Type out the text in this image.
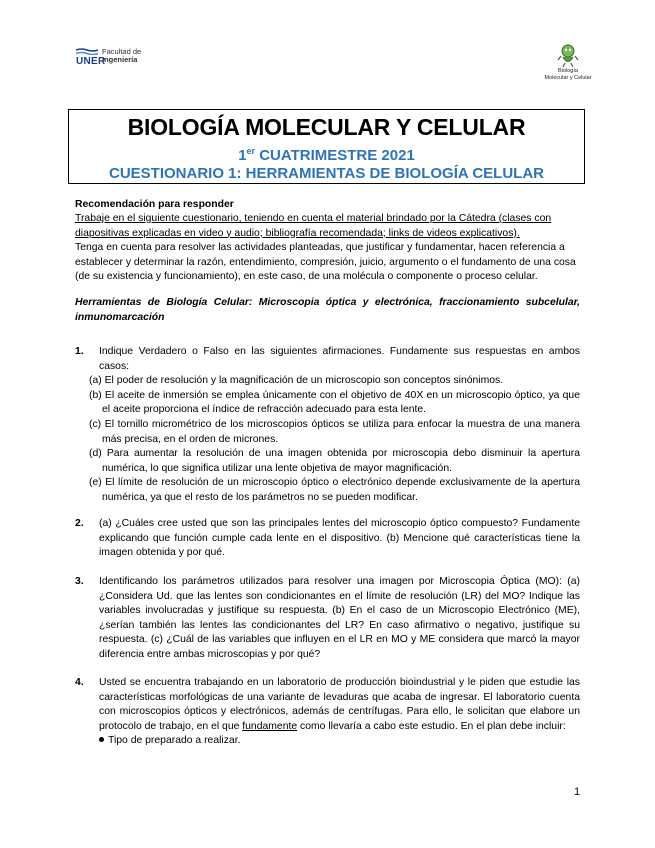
UNER
Facultad de
Ingeniería
Biología
Molecular y Celular
BIOLOGÍA MOLECULAR Y CELULAR
1er CUATRIMESTRE 2021
CUESTIONARIO 1: HERRAMIENTAS DE BIOLOGÍA CELULAR
Recomendación para responder
Trabaje en el siguiente cuestionario, teniendo en cuenta el material brindado por la Cátedra (clases con diapositivas explicadas en video y audio; bibliografía recomendada; links de videos explicativos).
Tenga en cuenta para resolver las actividades planteadas, que justificar y fundamentar, hacen referencia a establecer y determinar la razón, entendimiento, compresión, juicio, argumento o el fundamento de una cosa (de su existencia y funcionamiento), en este caso, de una molécula o componente o proceso celular.
Herramientas de Biología Celular: Microscopia óptica y electrónica, fraccionamiento subcelular, inmunomarcación
1. Indique Verdadero o Falso en las siguientes afirmaciones. Fundamente sus respuestas en ambos casos:
(a) El poder de resolución y la magnificación de un microscopio son conceptos sinónimos.
(b) El aceite de inmersión se emplea únicamente con el objetivo de 40X en un microscopio óptico, ya que el aceite proporciona el índice de refracción adecuado para esta lente.
(c) El tornillo micrométrico de los microscopios ópticos se utiliza para enfocar la muestra de una manera más precisa, en el orden de micrones.
(d) Para aumentar la resolución de una imagen obtenida por microscopia debo disminuir la apertura numérica, lo que significa utilizar una lente objetiva de mayor magnificación.
(e) El límite de resolución de un microscopio óptico o electrónico depende exclusivamente de la apertura numérica, ya que el resto de los parámetros no se pueden modificar.
2. (a) ¿Cuáles cree usted que son las principales lentes del microscopio óptico compuesto? Fundamente explicando que función cumple cada lente en el dispositivo. (b) Mencione qué características tiene la imagen obtenida y por qué.
3. Identificando los parámetros utilizados para resolver una imagen por Microscopia Óptica (MO): (a) ¿Considera Ud. que las lentes son condicionantes en el límite de resolución (LR) del MO? Indique las variables involucradas y justifique su respuesta. (b) En el caso de un Microscopio Electrónico (ME), ¿serían también las lentes las condicionantes del LR? En caso afirmativo o negativo, justifique su respuesta. (c) ¿Cuál de las variables que influyen en el LR en MO y ME considera que marcó la mayor diferencia entre ambas microscopias y por qué?
4. Usted se encuentra trabajando en un laboratorio de producción bioindustrial y le piden que estudie las características morfológicas de una variante de levaduras que acaba de ingresar. El laboratorio cuenta con microscopios ópticos y electrónicos, además de centrífugas. Para ello, le solicitan que elabore un protocolo de trabajo, en el que fundamente como llevaría a cabo este estudio. En el plan debe incluir:
Tipo de preparado a realizar.
1
